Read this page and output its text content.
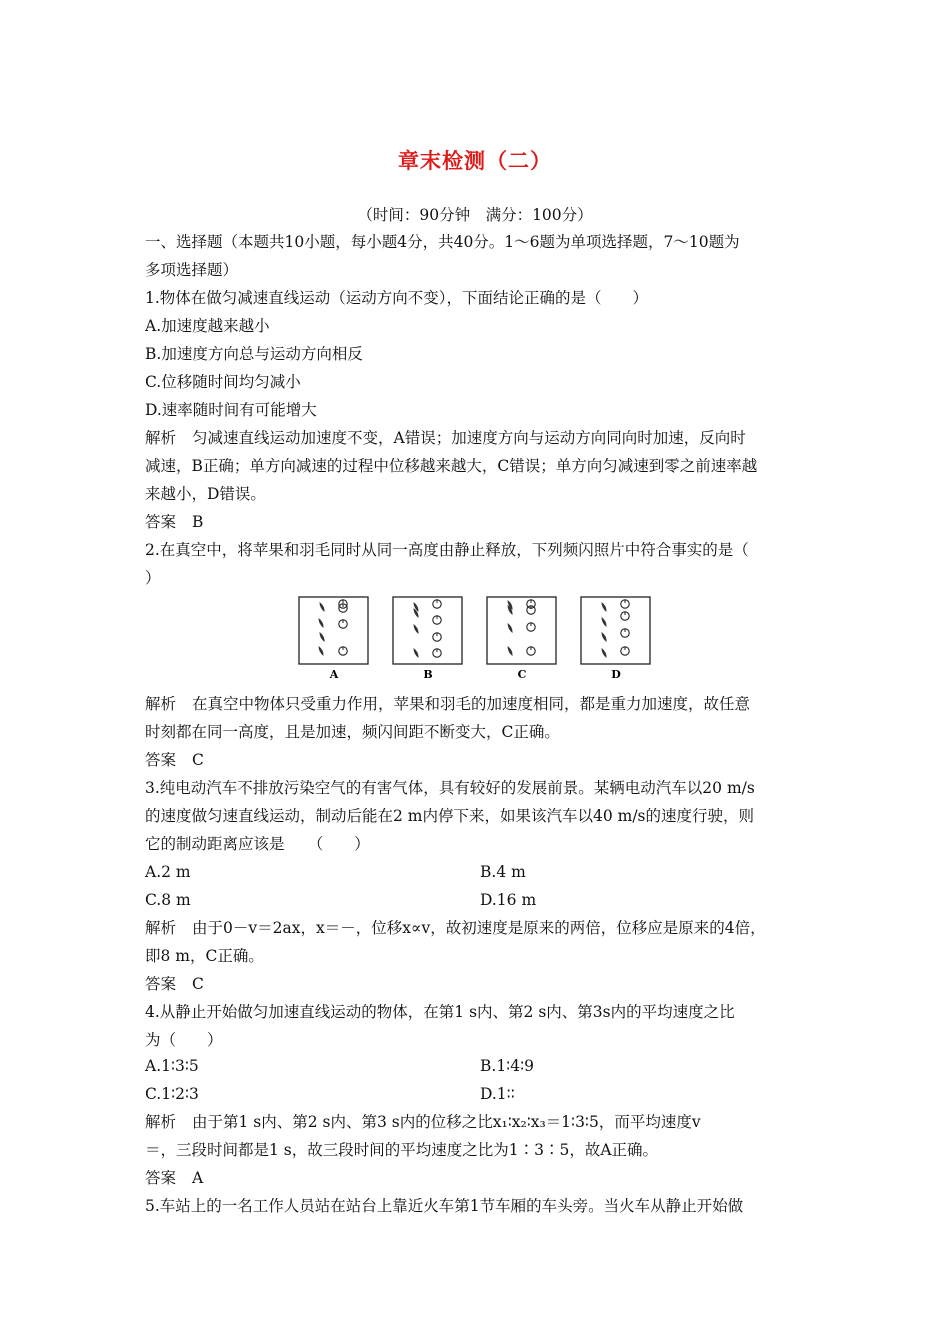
章末检测（二）
（时间：90分钟　满分：100分）
一、选择题（本题共10小题，每小题4分，共40分。1～6题为单项选择题，7～10题为
多项选择题）
1.物体在做匀减速直线运动（运动方向不变），下面结论正确的是（　　）
A.加速度越来越小
B.加速度方向总与运动方向相反
C.位移随时间均匀减小
D.速率随时间有可能增大
解析 匀减速直线运动加速度不变，A错误；加速度方向与运动方向同向时加速，反向时
减速，B正确；单方向减速的过程中位移越来越大，C错误；单方向匀减速到零之前速率越
来越小，D错误。
答案 B
2.在真空中，将苹果和羽毛同时从同一高度由静止释放，下列频闪照片中符合事实的是（
）
A	B	C	D
解析 在真空中物体只受重力作用，苹果和羽毛的加速度相同，都是重力加速度，故任意
时刻都在同一高度，且是加速，频闪间距不断变大，C正确。
答案 C
3.纯电动汽车不排放污染空气的有害气体，具有较好的发展前景。某辆电动汽车以20 m/s
的速度做匀速直线运动，制动后能在2 m内停下来，如果该汽车以40 m/s的速度行驶，则
它的制动距离应该是　　（　　）
A.2 m	B.4 m
C.8 m	D.16 m
解析 由于0－v＝2ax，x＝－，位移x∝v，故初速度是原来的两倍，位移应是原来的4倍，
即8 m，C正确。
答案 C
4.从静止开始做匀加速直线运动的物体，在第1 s内、第2 s内、第3s内的平均速度之比
为（　　）
A.1∶3∶5	B.1∶4∶9
C.1∶2∶3	D.1∶∶
解析 由于第1 s内、第2 s内、第3 s内的位移之比x₁∶x₂∶x₃＝1∶3∶5，而平均速度v
＝，三段时间都是1 s，故三段时间的平均速度之比为1∶3∶5，故A正确。
答案 A
5.车站上的一名工作人员站在站台上靠近火车第1节车厢的车头旁。当火车从静止开始做
